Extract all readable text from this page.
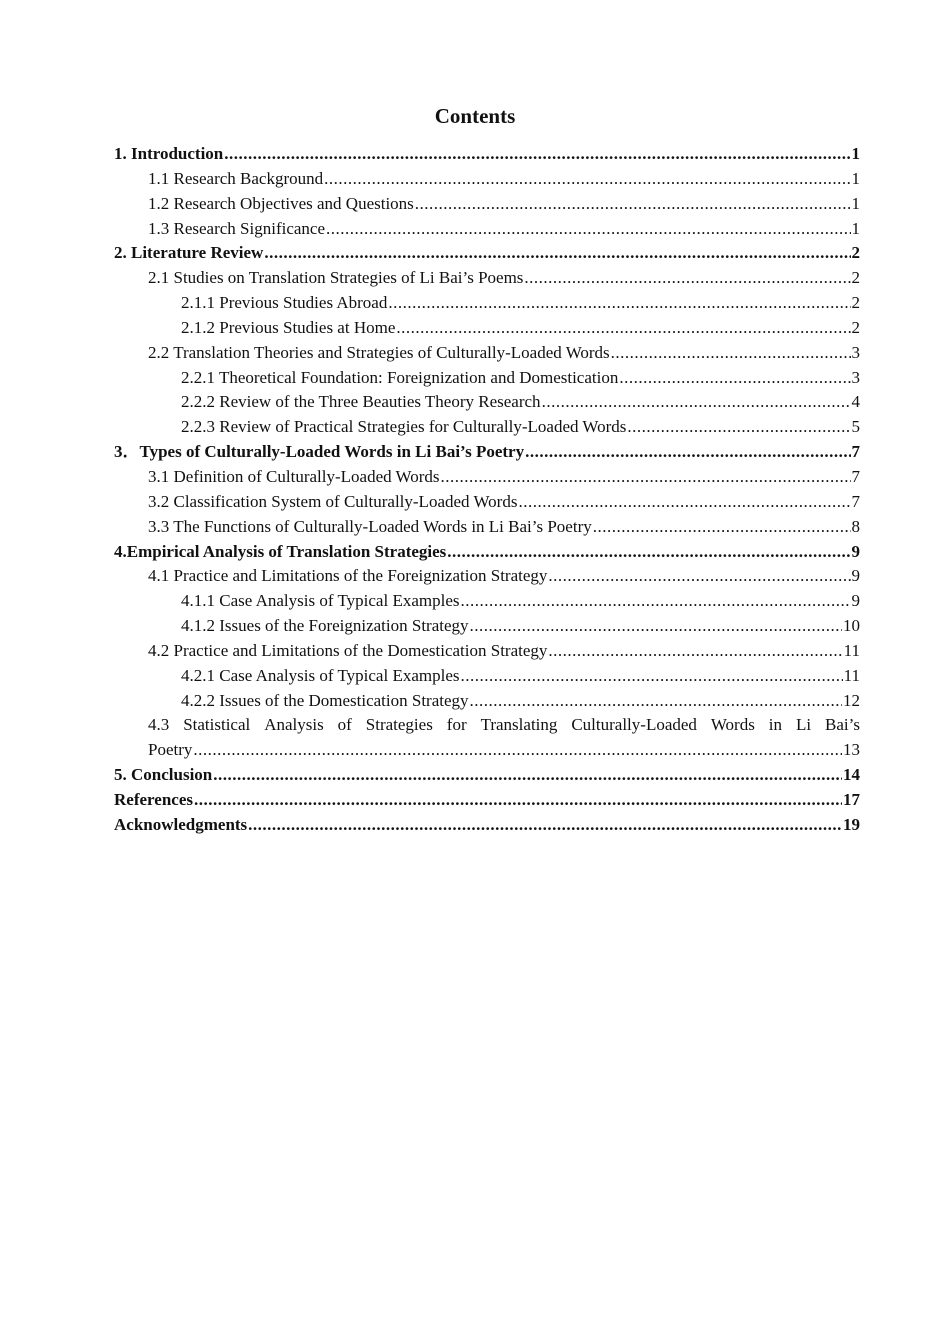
Contents
1. Introduction .....	1
1.1 Research Background .....	1
1.2 Research Objectives and Questions .....	1
1.3 Research Significance .....	1
2. Literature Review .....	2
2.1 Studies on Translation Strategies of Li Bai’s Poems .....	2
2.1.1 Previous Studies Abroad .....	2
2.1.2 Previous Studies at Home .....	2
2.2 Translation Theories and Strategies of Culturally-Loaded Words .....	3
2.2.1 Theoretical Foundation: Foreignization and Domestication .....	3
2.2.2 Review of the Three Beauties Theory Research .....	4
2.2.3 Review of Practical Strategies for Culturally-Loaded Words .....	5
3．Types of Culturally-Loaded Words in Li Bai’s Poetry .....	7
3.1 Definition of Culturally-Loaded Words .....	7
3.2 Classification System of Culturally-Loaded Words .....	7
3.3 The Functions of Culturally-Loaded Words in Li Bai’s Poetry .....	8
4.Empirical Analysis of Translation Strategies .....	9
4.1 Practice and Limitations of the Foreignization Strategy .....	9
4.1.1 Case Analysis of Typical Examples .....	9
4.1.2 Issues of the Foreignization Strategy .....	10
4.2 Practice and Limitations of the Domestication Strategy .....	11
4.2.1 Case Analysis of Typical Examples .....	11
4.2.2 Issues of the Domestication Strategy .....	12
4.3 Statistical Analysis of Strategies for Translating Culturally-Loaded Words in Li Bai’s
Poetry .....	13
5. Conclusion .....	14
References .....	17
Acknowledgments .....	19
